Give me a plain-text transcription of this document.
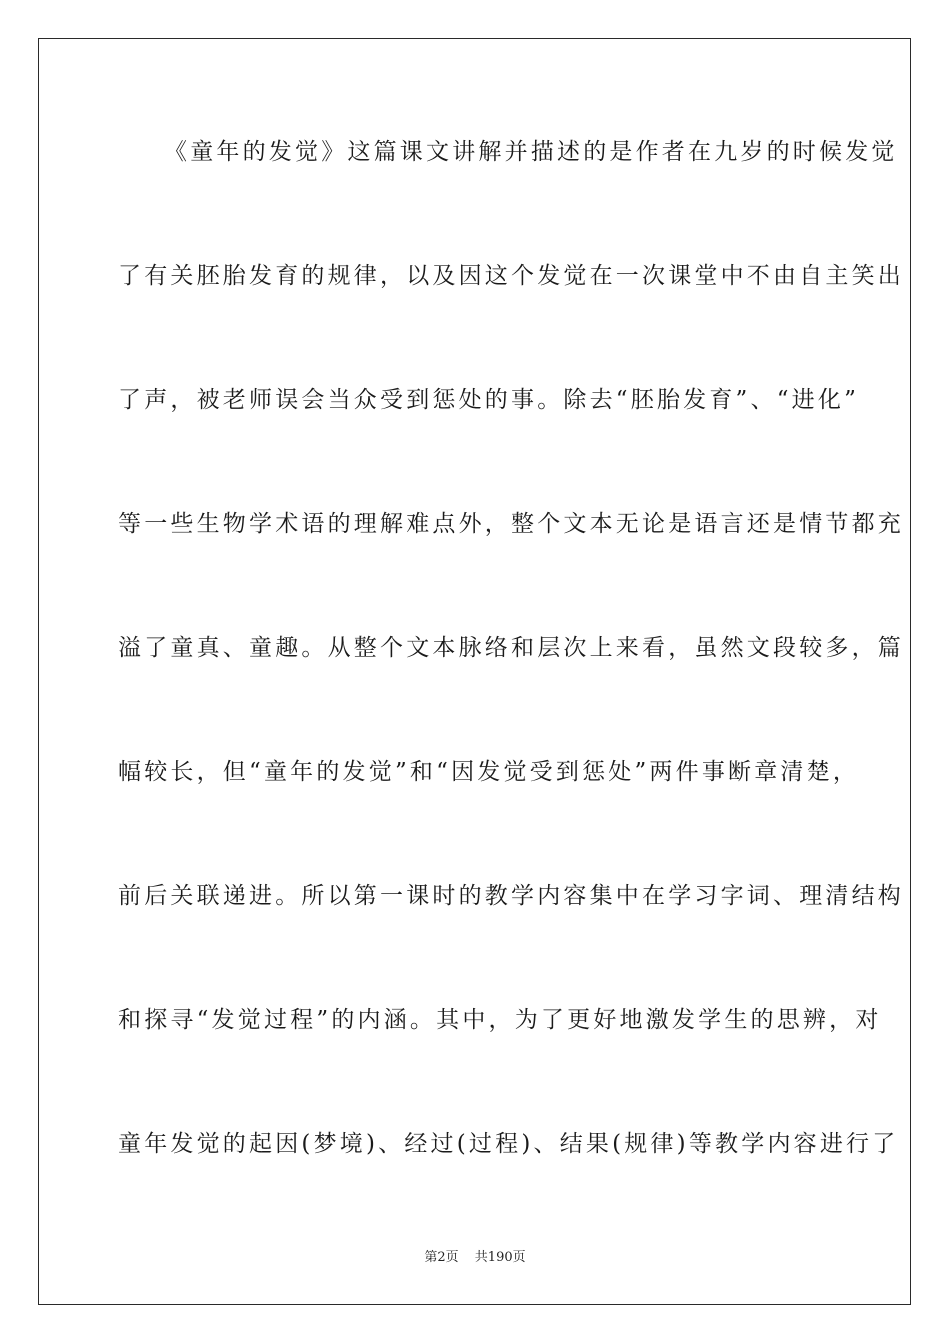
《童年的发觉》这篇课文讲解并描述的是作者在九岁的时候发觉
了有关胚胎发育的规律，以及因这个发觉在一次课堂中不由自主笑出
了声，被老师误会当众受到惩处的事。除去“胚胎发育”、“进化”
等一些生物学术语的理解难点外，整个文本无论是语言还是情节都充
溢了童真、童趣。从整个文本脉络和层次上来看，虽然文段较多，篇
幅较长，但“童年的发觉”和“因发觉受到惩处”两件事断章清楚，
前后关联递进。所以第一课时的教学内容集中在学习字词、理清结构
和探寻“发觉过程”的内涵。其中，为了更好地激发学生的思辨，对
童年发觉的起因(梦境)、经过(过程)、结果(规律)等教学内容进行了
第2页 共190页
